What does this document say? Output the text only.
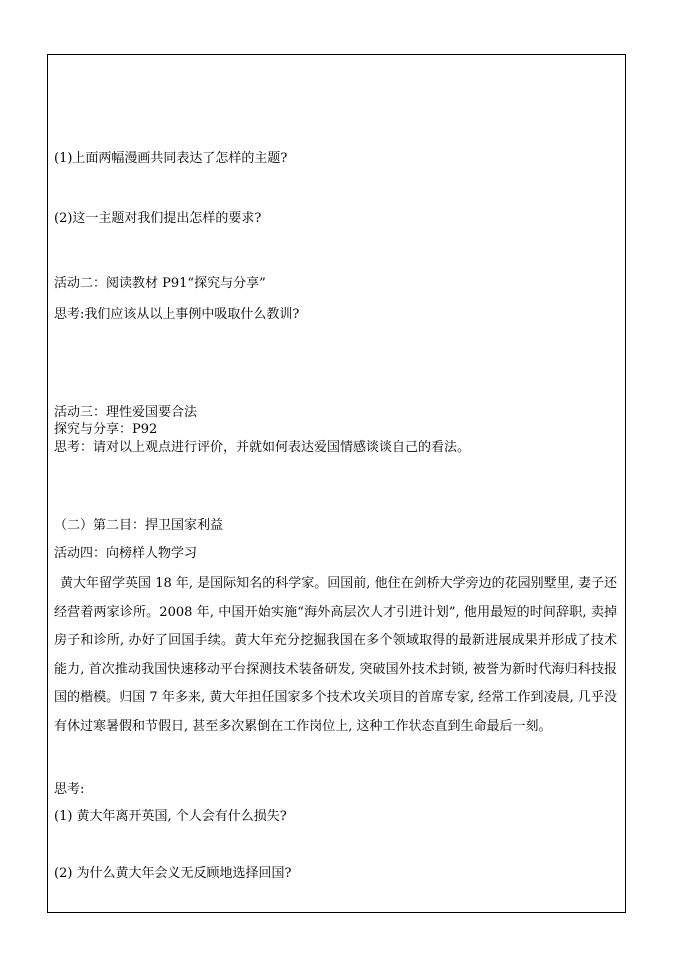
(1)上面两幅漫画共同表达了怎样的主题?
(2)这一主题对我们提出怎样的要求?
活动二：阅读教材 P91“探究与分享”
思考:我们应该从以上事例中吸取什么教训?
活动三：理性爱国要合法
探究与分享：P92
思考：请对以上观点进行评价，并就如何表达爱国情感谈谈自己的看法。
（二）第二目：捍卫国家利益
活动四：向榜样人物学习
黄大年留学英国 18 年, 是国际知名的科学家。回国前, 他住在剑桥大学旁边的花园别墅里, 妻子还经营着两家诊所。2008 年, 中国开始实施“海外高层次人才引进计划”, 他用最短的时间辞职, 卖掉房子和诊所, 办好了回国手续。黄大年充分挖掘我国在多个领域取得的最新进展成果并形成了技术能力, 首次推动我国快速移动平台探测技术装备研发, 突破国外技术封锁, 被誉为新时代海归科技报国的楷模。归国 7 年多来, 黄大年担任国家多个技术攻关项目的首席专家, 经常工作到凌晨, 几乎没有休过寒暑假和节假日, 甚至多次累倒在工作岗位上, 这种工作状态直到生命最后一刻。
思考:
(1) 黄大年离开英国, 个人会有什么损失?
(2) 为什么黄大年会义无反顾地选择回国?
